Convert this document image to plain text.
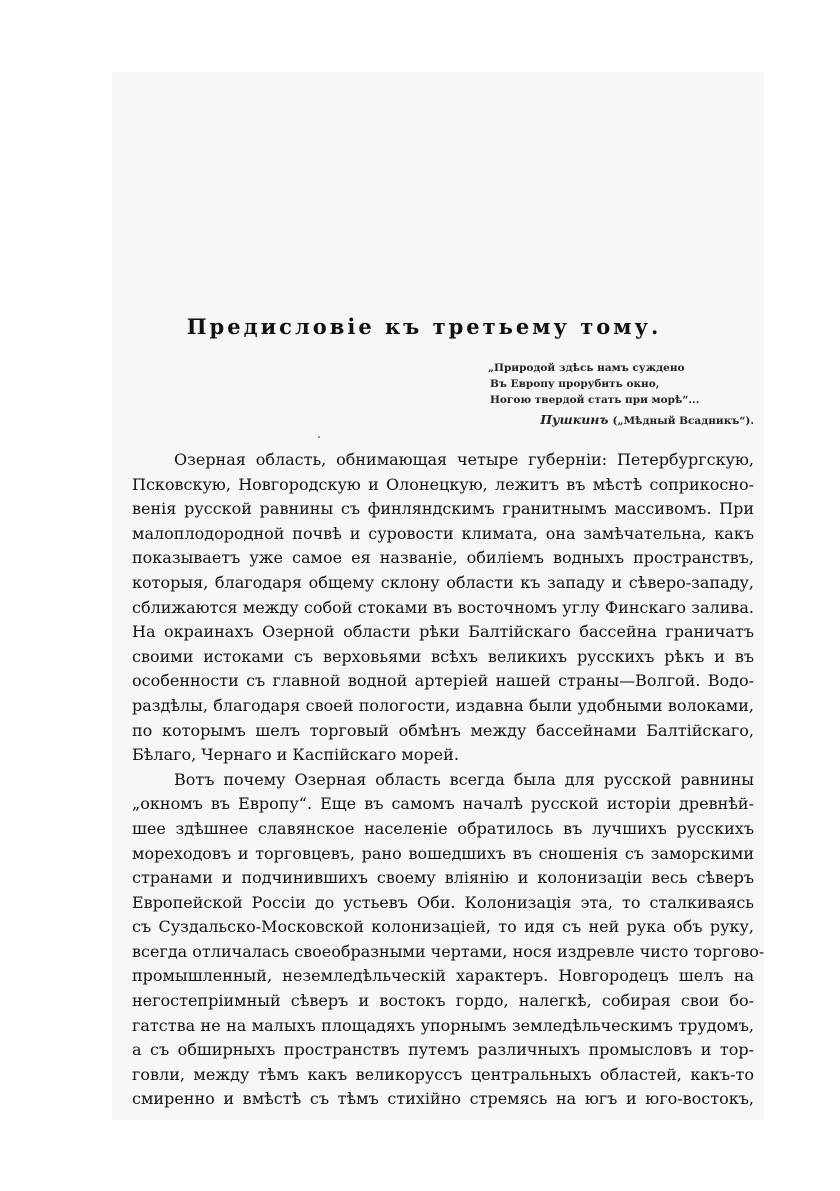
Предисловіе къ третьему тому.
„Природой здѣсь намъ суждено
Въ Европу прорубить окно,
Ногою твердой стать при морѣ“...
Пушкинъ („Мѣдный Всадникъ“).
Озерная область, обнимающая четыре губерніи: Петербургскую,
Псковскую, Новгородскую и Олонецкую, лежитъ въ мѣстѣ соприкосно-
венія русской равнины съ финляндскимъ гранитнымъ массивомъ. При
малоплодородной почвѣ и суровости климата, она замѣчательна, какъ
показываетъ уже самое ея названіе, обиліемъ водныхъ пространствъ,
которыя, благодаря общему склону области къ западу и сѣверо-западу,
сближаются между собой стоками въ восточномъ углу Финскаго залива.
На окраинахъ Озерной области рѣки Балтійскаго бассейна граничатъ
своими истоками съ верховьями всѣхъ великихъ русскихъ рѣкъ и въ
особенности съ главной водной артеріей нашей страны—Волгой. Водо-
раздѣлы, благодаря своей пологости, издавна были удобными волоками,
по которымъ шелъ торговый обмѣнъ между бассейнами Балтійскаго,
Бѣлаго, Чернаго и Каспійскаго морей.
Вотъ почему Озерная область всегда была для русской равнины
„окномъ въ Европу“. Еще въ самомъ началѣ русской исторіи древнѣй-
шее здѣшнее славянское населеніе обратилось въ лучшихъ русскихъ
мореходовъ и торговцевъ, рано вошедшихъ въ сношенія съ заморскими
странами и подчинившихъ своему вліянію и колонизаціи весь сѣверъ
Европейской Россіи до устьевъ Оби. Колонизація эта, то сталкиваясь
съ Суздальско-Московской колонизаціей, то идя съ ней рука объ руку,
всегда отличалась своеобразными чертами, нося издревле чисто торгово-
промышленный, неземледѣльческій характеръ. Новгородецъ шелъ на
негостепріимный сѣверъ и востокъ гордо, налегкѣ, собирая свои бо-
гатства не на малыхъ площадяхъ упорнымъ земледѣльческимъ трудомъ,
а съ обширныхъ пространствъ путемъ различныхъ промысловъ и тор-
говли, между тѣмъ какъ великоруссъ центральныхъ областей, какъ-то
смиренно и вмѣстѣ съ тѣмъ стихійно стремясь на югъ и юго-востокъ,
